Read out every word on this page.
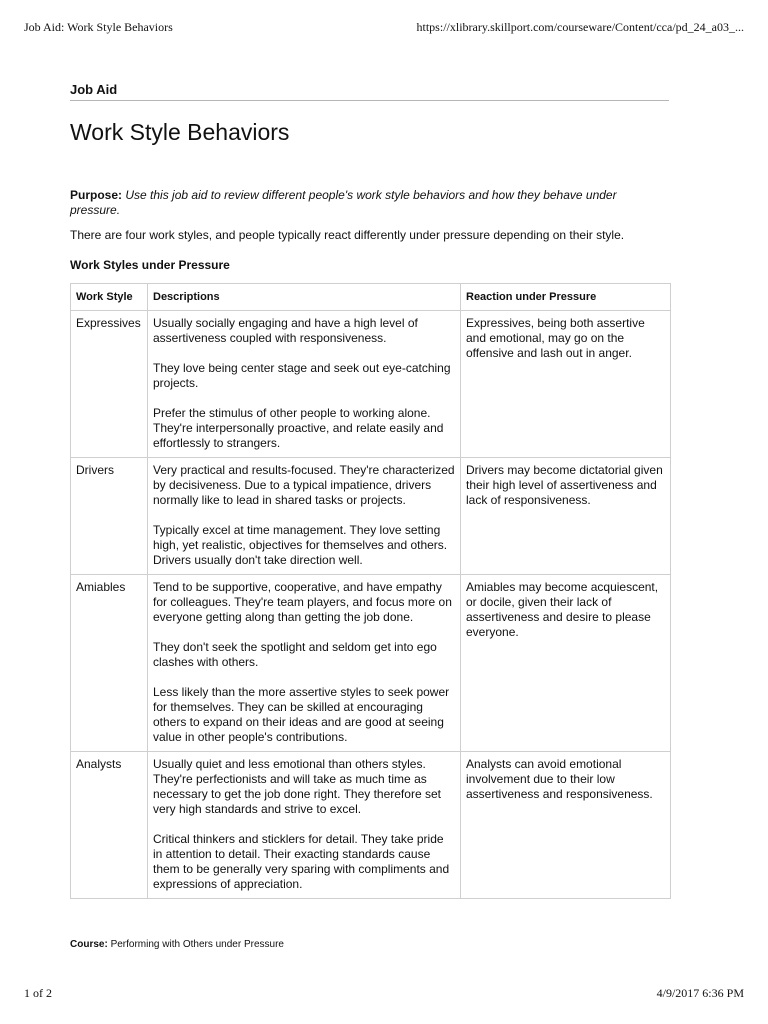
Job Aid: Work Style Behaviors	https://xlibrary.skillport.com/courseware/Content/cca/pd_24_a03_...

Job Aid

Work Style Behaviors

Purpose: Use this job aid to review different people's work style behaviors and how they behave under pressure.

There are four work styles, and people typically react differently under pressure depending on their style.

Work Styles under Pressure

Work Style	Descriptions	Reaction under Pressure
Expressives	Usually socially engaging and have a high level of assertiveness coupled with responsiveness.

They love being center stage and seek out eye-catching projects.

Prefer the stimulus of other people to working alone. They're interpersonally proactive, and relate easily and effortlessly to strangers.	Expressives, being both assertive and emotional, may go on the offensive and lash out in anger.
Drivers	Very practical and results-focused. They're characterized by decisiveness. Due to a typical impatience, drivers normally like to lead in shared tasks or projects.

Typically excel at time management. They love setting high, yet realistic, objectives for themselves and others. Drivers usually don't take direction well.	Drivers may become dictatorial given their high level of assertiveness and lack of responsiveness.
Amiables	Tend to be supportive, cooperative, and have empathy for colleagues. They're team players, and focus more on everyone getting along than getting the job done.

They don't seek the spotlight and seldom get into ego clashes with others.

Less likely than the more assertive styles to seek power for themselves. They can be skilled at encouraging others to expand on their ideas and are good at seeing value in other people's contributions.	Amiables may become acquiescent, or docile, given their lack of assertiveness and desire to please everyone.
Analysts	Usually quiet and less emotional than others styles. They're perfectionists and will take as much time as necessary to get the job done right. They therefore set very high standards and strive to excel.

Critical thinkers and sticklers for detail. They take pride in attention to detail. Their exacting standards cause them to be generally very sparing with compliments and expressions of appreciation.	Analysts can avoid emotional involvement due to their low assertiveness and responsiveness.
Course: Performing with Others under Pressure
1 of 2	4/9/2017 6:36 PM
